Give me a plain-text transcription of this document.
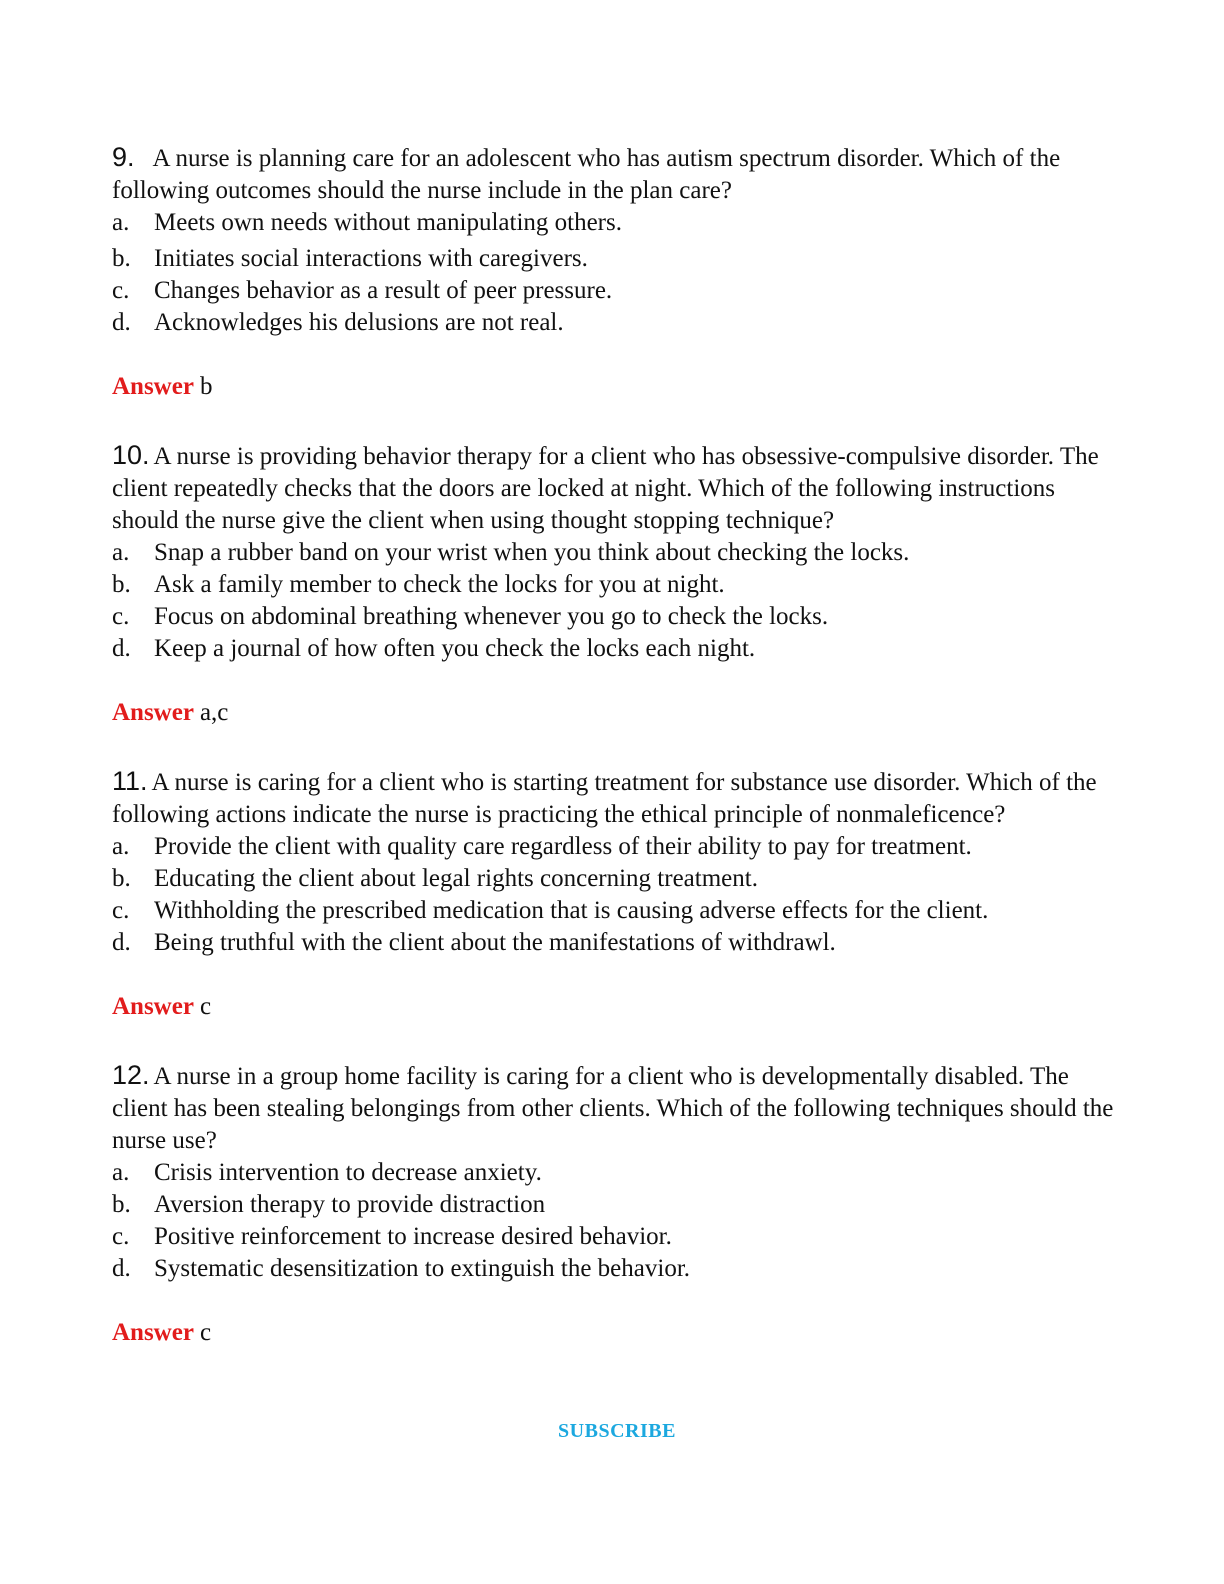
9. A nurse is planning care for an adolescent who has autism spectrum disorder. Which of the following outcomes should the nurse include in the plan care?

a. Meets own needs without manipulating others.
b. Initiates social interactions with caregivers.
c. Changes behavior as a result of peer pressure.
d. Acknowledges his delusions are not real.

Answer b

10. A nurse is providing behavior therapy for a client who has obsessive-compulsive disorder. The client repeatedly checks that the doors are locked at night. Which of the following instructions should the nurse give the client when using thought stopping technique?

a. Snap a rubber band on your wrist when you think about checking the locks.
b. Ask a family member to check the locks for you at night.
c. Focus on abdominal breathing whenever you go to check the locks.
d. Keep a journal of how often you check the locks each night.

Answer a,c

11. A nurse is caring for a client who is starting treatment for substance use disorder. Which of the following actions indicate the nurse is practicing the ethical principle of nonmaleficence?

a. Provide the client with quality care regardless of their ability to pay for treatment.
b. Educating the client about legal rights concerning treatment.
c. Withholding the prescribed medication that is causing adverse effects for the client.
d. Being truthful with the client about the manifestations of withdrawl.

Answer c

12. A nurse in a group home facility is caring for a client who is developmentally disabled. The client has been stealing belongings from other clients. Which of the following techniques should the nurse use?

a. Crisis intervention to decrease anxiety.
b. Aversion therapy to provide distraction
c. Positive reinforcement to increase desired behavior.
d. Systematic desensitization to extinguish the behavior.

Answer c

SUBSCRIBE
